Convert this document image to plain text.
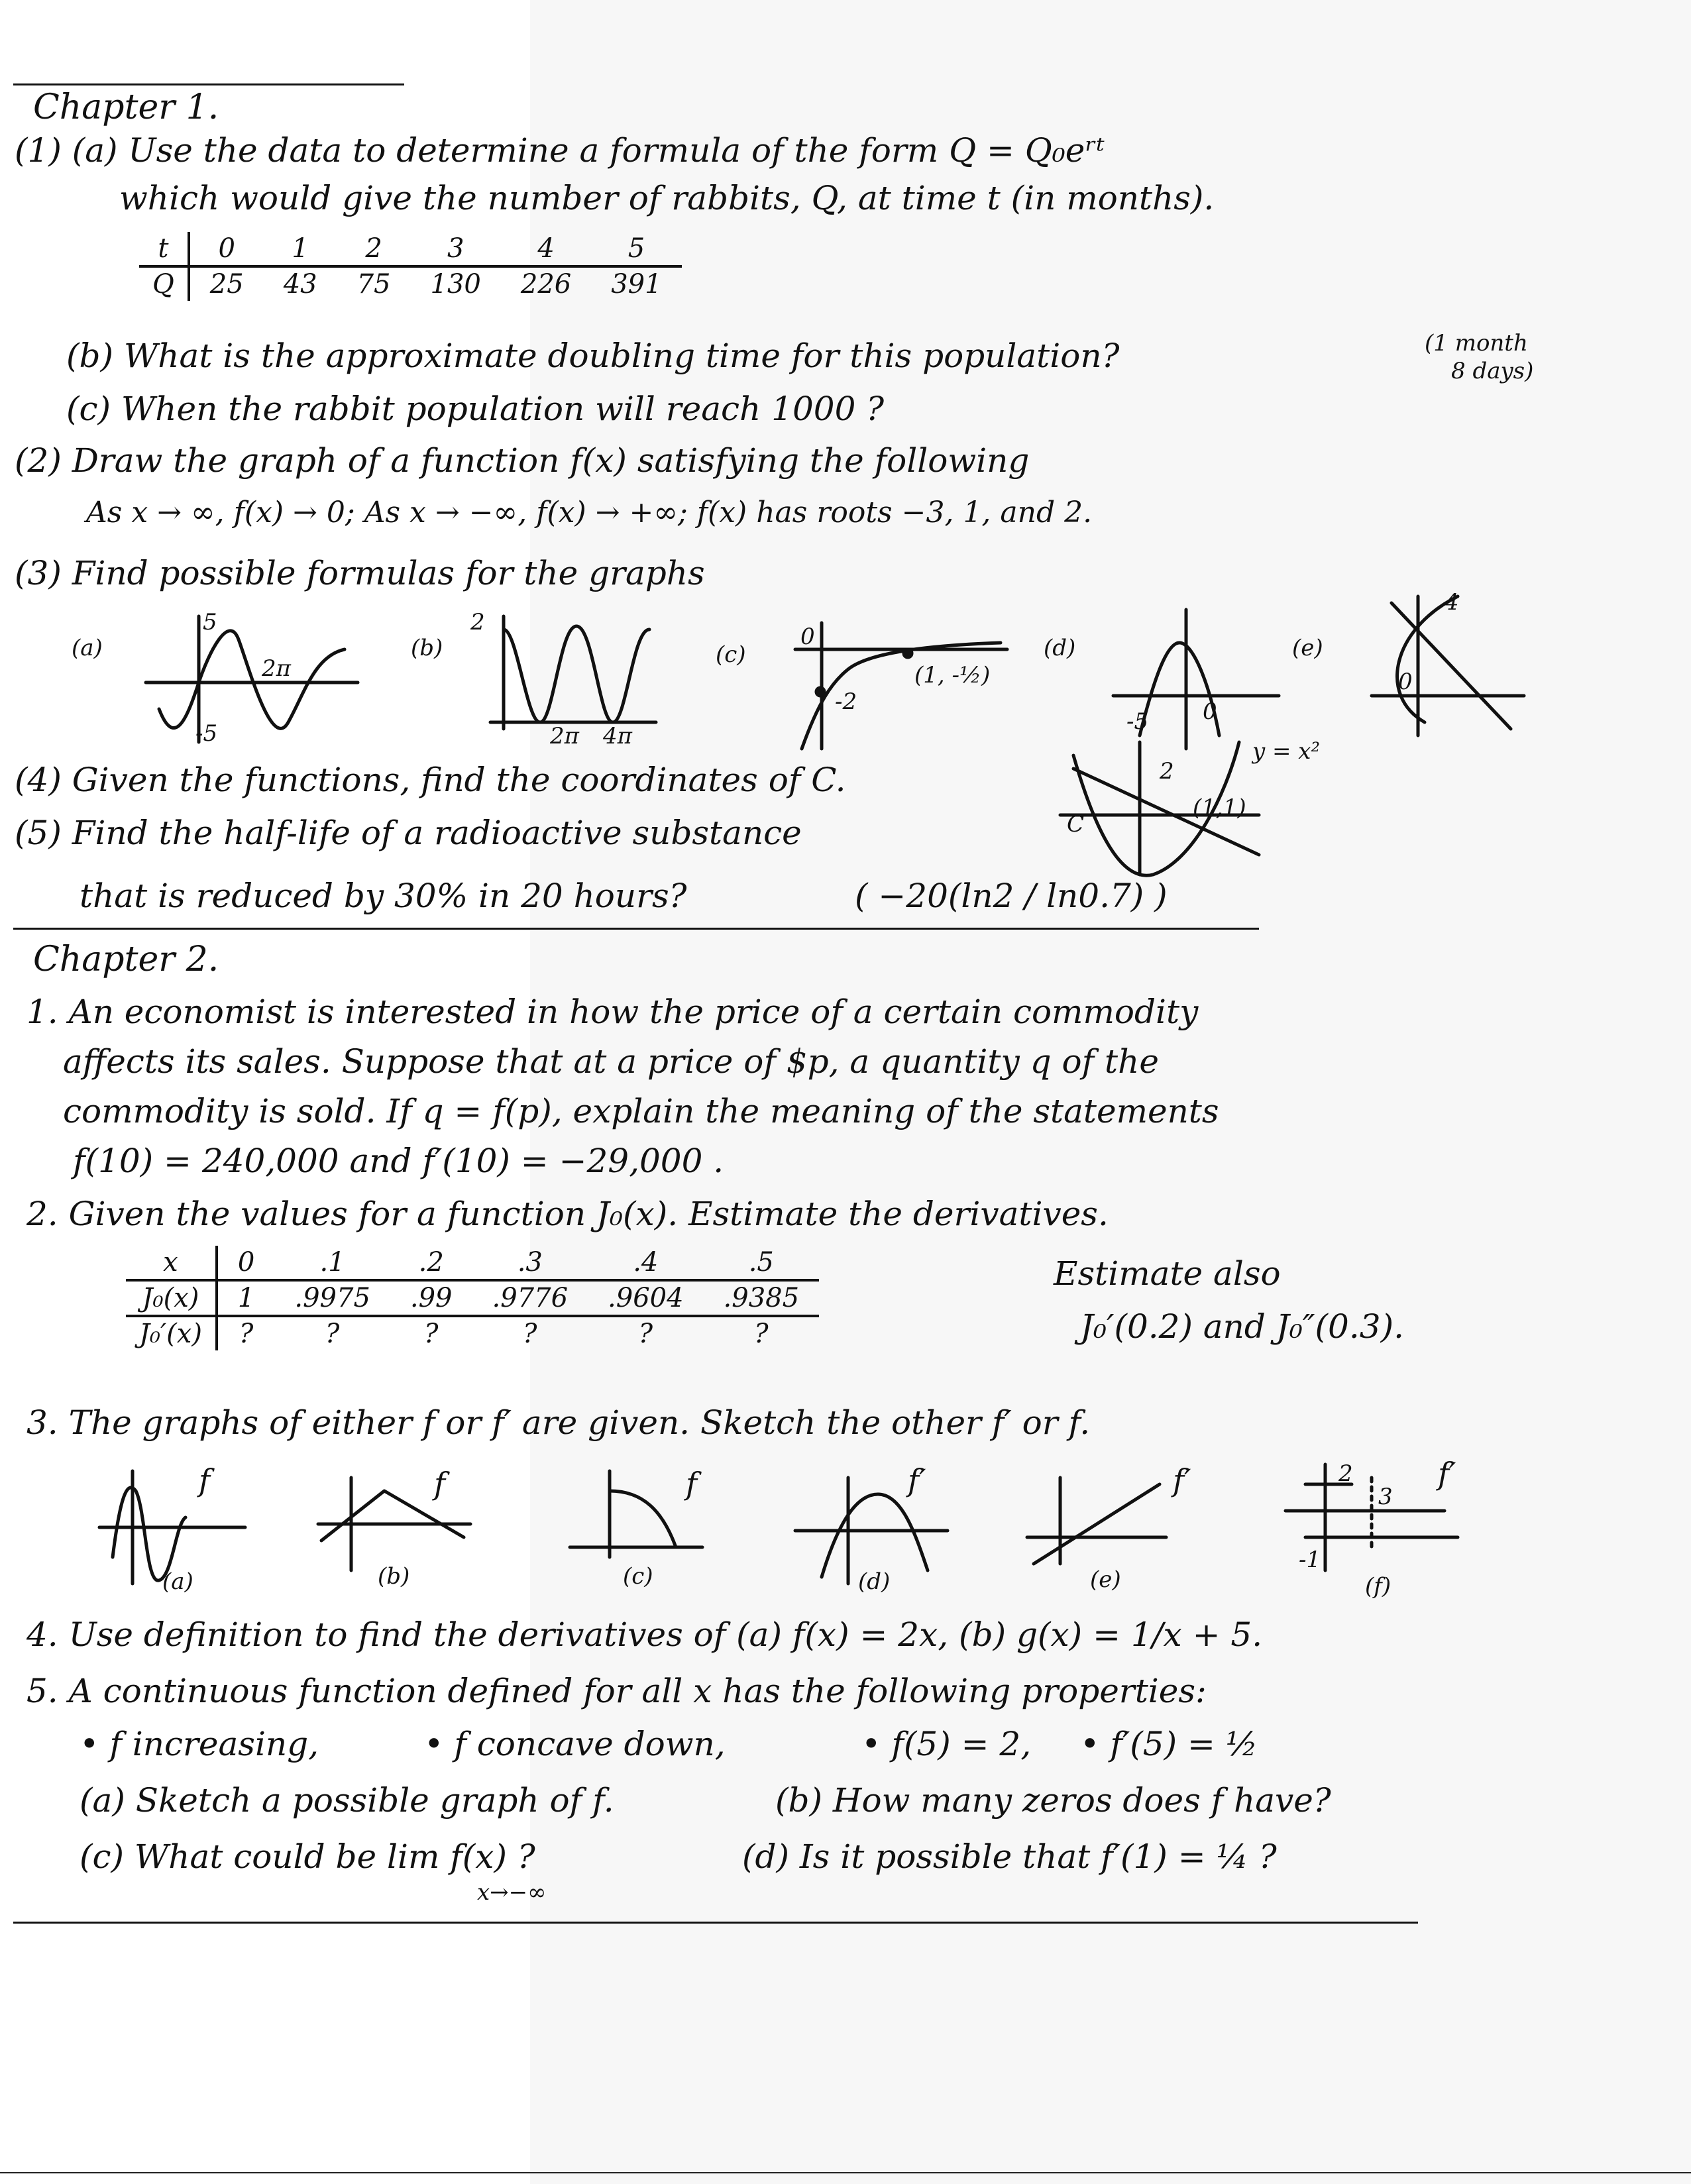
Chapter 1.
(1) (a) Use the data to determine a formula of the form Q = Q₀eʳᵗ
which would give the number of rabbits, Q, at time t (in months).
t	0	1	2	3	4	5
Q	25	43	75	130	226	391
(b) What is the approximate doubling time for this population?	(1 month
8 days)
(c) When the rabbit population will reach 1000 ?
(2) Draw the graph of a function f(x) satisfying the following
As x → ∞, f(x) → 0; As x → −∞, f(x) → +∞; f(x) has roots −3, 1, and 2.
(3) Find possible formulas for the graphs
(a)
5
-5
2π
(b)
2
2π 4π
(c)
0
-2
(1, -½)
(d)
-5 0
(e)
4
0
(4) Given the functions, find the coordinates of C.
C
2
(1,1)
y = x²
(5) Find the half-life of a radioactive substance
that is reduced by 30% in 20 hours?	( −20(ln2 / ln0.7) )
Chapter 2.
1. An economist is interested in how the price of a certain commodity
affects its sales. Suppose that at a price of $p, a quantity q of the
commodity is sold. If q = f(p), explain the meaning of the statements
f(10) = 240,000 and f′(10) = −29,000 .
2. Given the values for a function J₀(x). Estimate the derivatives.
x	0	.1	.2	.3	.4	.5
J₀(x)	1	.9975	.99	.9776	.9604	.9385
J₀′(x)	?	?	?	?	?	?
Estimate also
J₀′(0.2) and J₀″(0.3).
3. The graphs of either f or f′ are given. Sketch the other f′ or f.
f
(a)
f
(b)
f
(c)
f′
(d)
f′
(e)
2
3
-1
f′
(f)
4. Use definition to find the derivatives of (a) f(x) = 2x, (b) g(x) = 1/x + 5.
5. A continuous function defined for all x has the following properties:
• f increasing,	• f concave down,	• f(5) = 2, • f′(5) = ½
(a) Sketch a possible graph of f.	(b) How many zeros does f have?
(c) What could be lim f(x) ?
x→−∞
(d) Is it possible that f′(1) = ¼ ?
